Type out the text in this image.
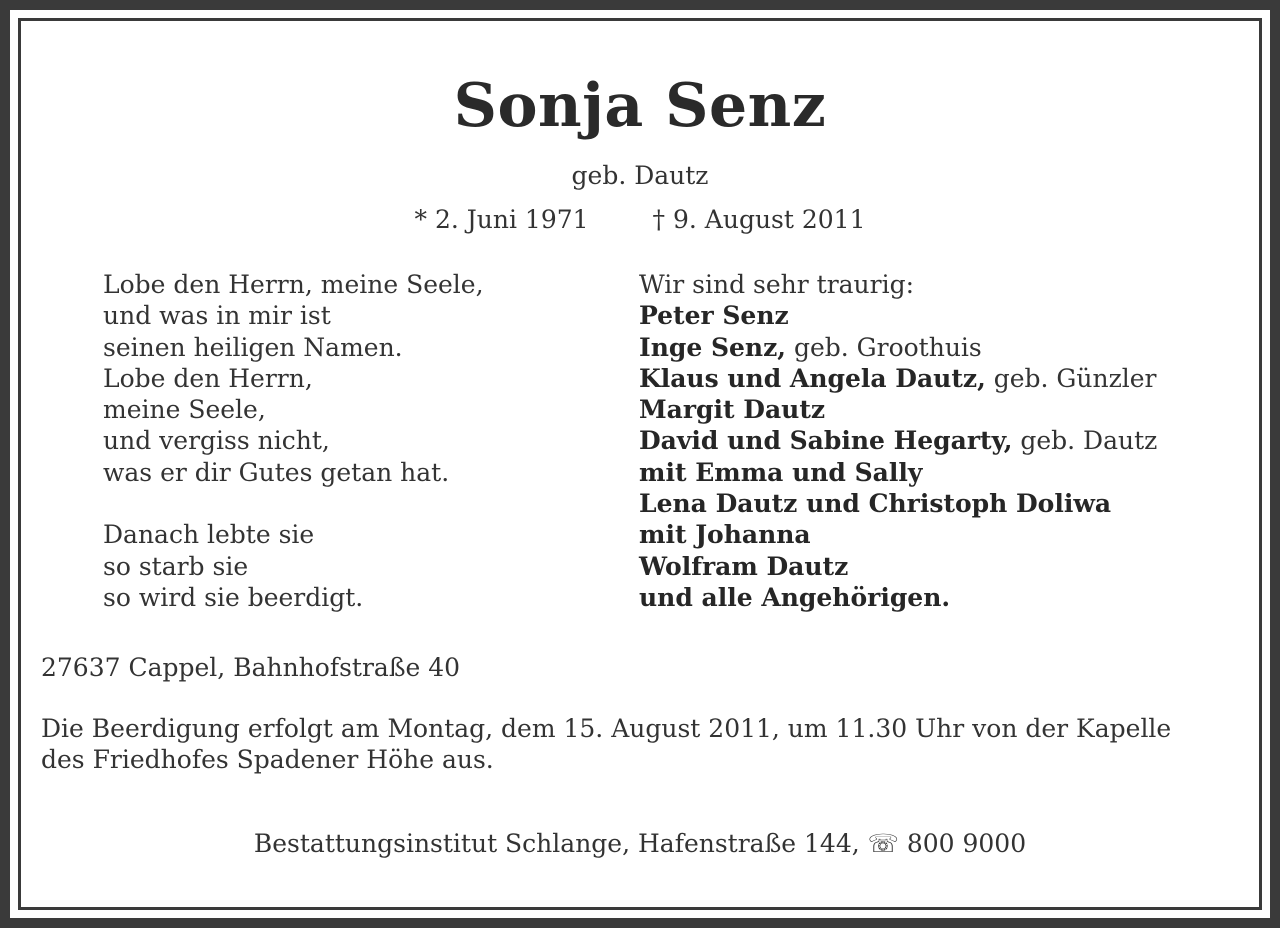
Sonja Senz
geb. Dautz
* 2. Juni 1971	† 9. August 2011
Lobe den Herrn, meine Seele,
und was in mir ist
seinen heiligen Namen.
Lobe den Herrn,
meine Seele,
und vergiss nicht,
was er dir Gutes getan hat.
Danach lebte sie
so starb sie
so wird sie beerdigt.
Wir sind sehr traurig:
Peter Senz
Inge Senz, geb. Groothuis
Klaus und Angela Dautz, geb. Günzler
Margit Dautz
David und Sabine Hegarty, geb. Dautz
mit Emma und Sally
Lena Dautz und Christoph Doliwa
mit Johanna
Wolfram Dautz
und alle Angehörigen.
27637 Cappel, Bahnhofstraße 40
Die Beerdigung erfolgt am Montag, dem 15. August 2011, um 11.30 Uhr von der Kapelle
des Friedhofes Spadener Höhe aus.
Bestattungsinstitut Schlange, Hafenstraße 144, ☏ 800 9000
